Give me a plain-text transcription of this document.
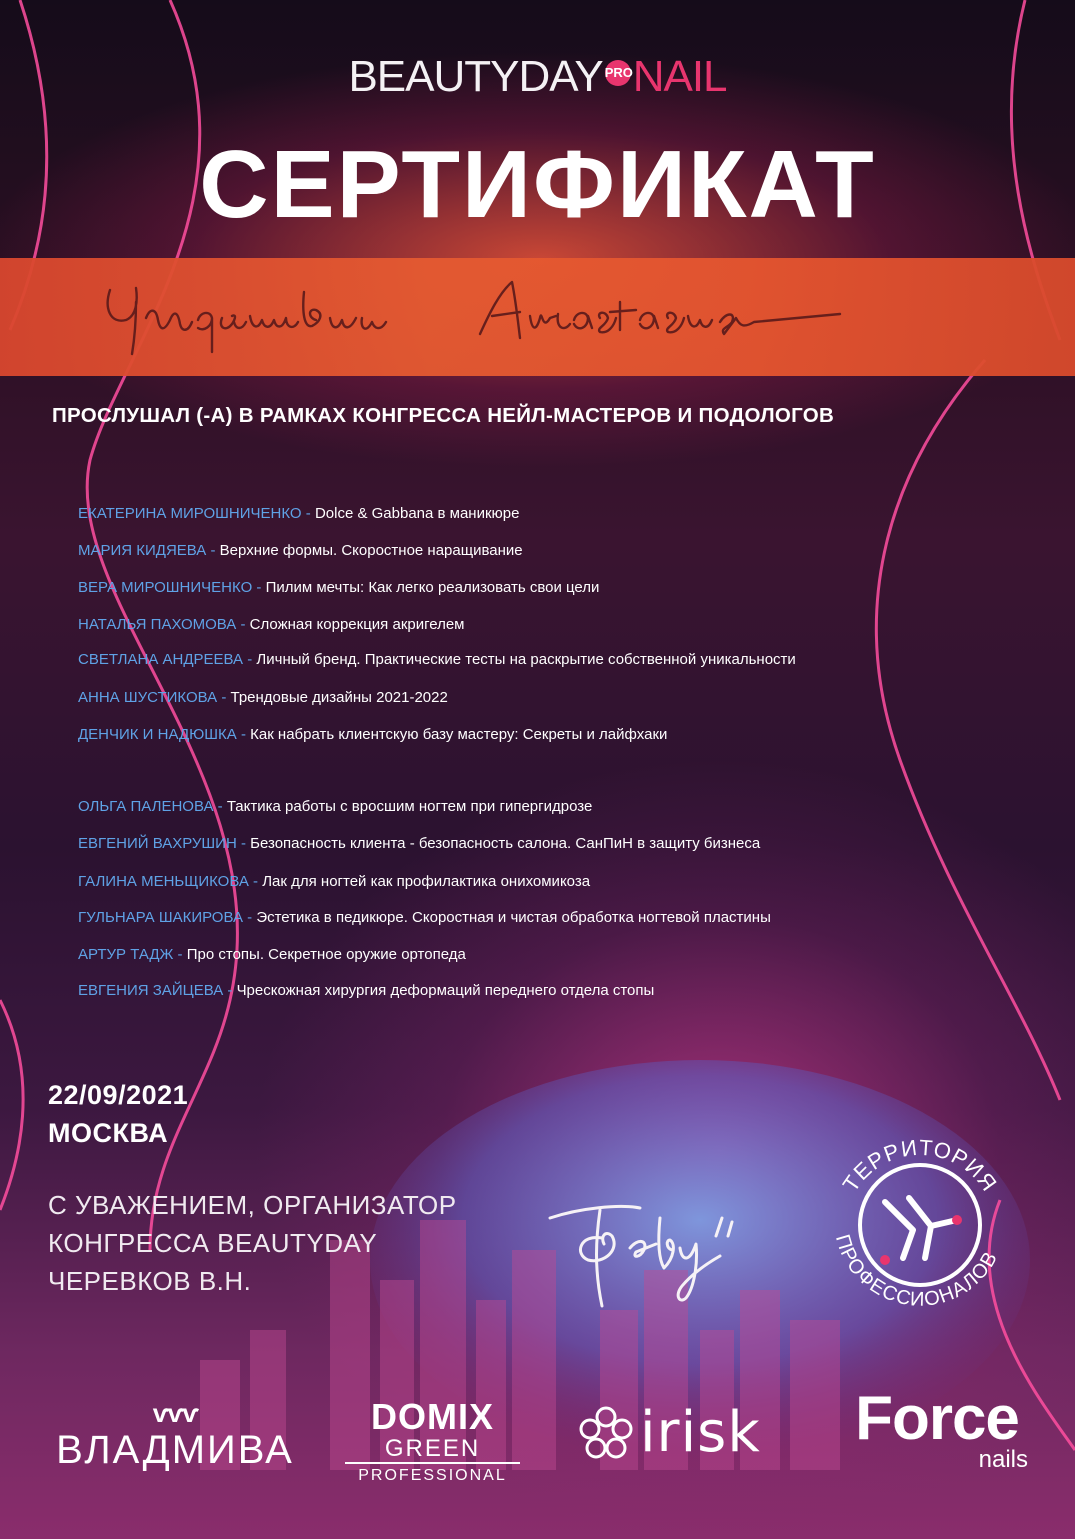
BEAUTYDAY PRONAIL
СЕРТИФИКАТ
ПРОСЛУШАЛ (-А) В РАМКАХ КОНГРЕССА НЕЙЛ-МАСТЕРОВ И ПОДОЛОГОВ
ЕКАТЕРИНА МИРОШНИЧЕНКО - Dolce & Gabbana в маникюре
МАРИЯ КИДЯЕВА - Верхние формы. Скоростное наращивание
ВЕРА МИРОШНИЧЕНКО - Пилим мечты: Как легко реализовать свои цели
НАТАЛЬЯ ПАХОМОВА - Сложная коррекция акригелем
СВЕТЛАНА АНДРЕЕВА - Личный бренд. Практические тесты на раскрытие собственной уникальности
АННА ШУСТИКОВА - Трендовые дизайны 2021-2022
ДЕНЧИК И НАДЮШКА - Как набрать клиентскую базу мастеру: Секреты и лайфхаки
ОЛЬГА ПАЛЕНОВА - Тактика работы с вросшим ногтем при гипергидрозе
ЕВГЕНИЙ ВАХРУШИН - Безопасность клиента - безопасность салона. СанПиН в защиту бизнеса
ГАЛИНА МЕНЬЩИКОВА - Лак для ногтей как профилактика онихомикоза
ГУЛЬНАРА ШАКИРОВА - Эстетика в педикюре. Скоростная и чистая обработка ногтевой пластины
АРТУР ТАДЖ - Про стопы. Секретное оружие ортопеда
ЕВГЕНИЯ ЗАЙЦЕВА - Чрескожная хирургия деформаций переднего отдела стопы
22/09/2021
МОСКВА
С УВАЖЕНИЕМ, ОРГАНИЗАТОР
КОНГРЕССА BEAUTYDAY
ЧЕРЕВКОВ В.Н.
ТЕРРИТОРИЯ
ПРОФЕССИОНАЛОВ
ѵѵѵ
ВЛАДМИВА
DOMIX
GREEN
PROFESSIONAL
irisk	Force
nails
